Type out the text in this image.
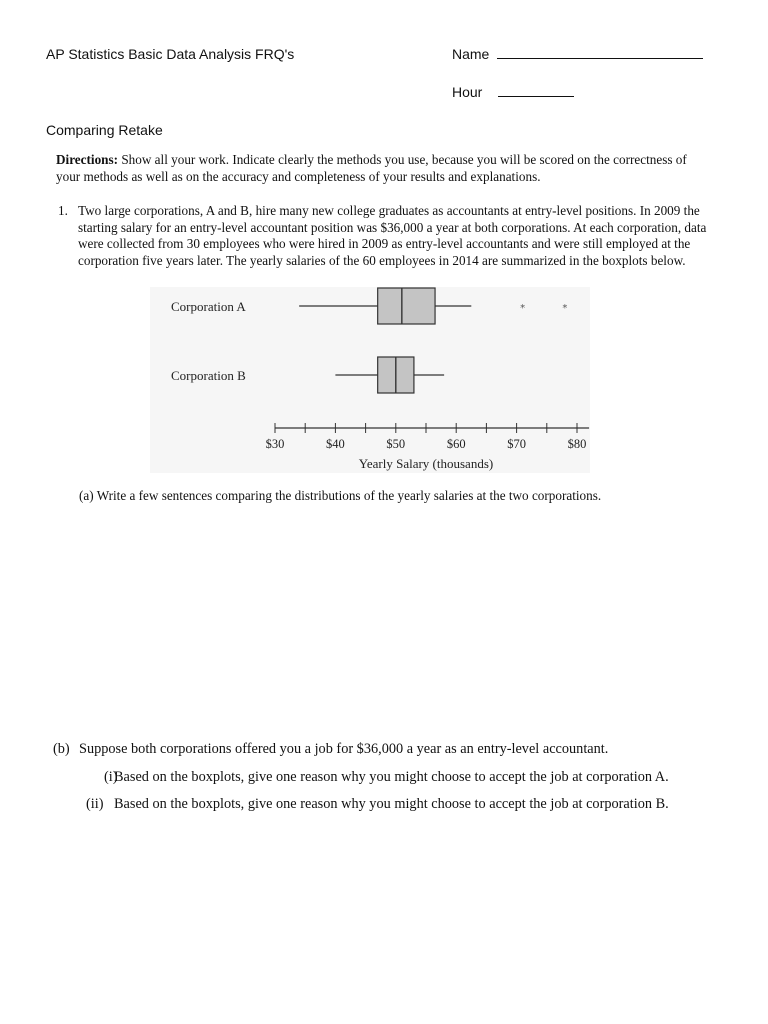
AP Statistics Basic Data Analysis FRQ's	Name
Hour
Comparing Retake
Directions: Show all your work. Indicate clearly the methods you use, because you will be scored on the correctness of your methods as well as on the accuracy and completeness of your results and explanations.
1. Two large corporations, A and B, hire many new college graduates as accountants at entry-level positions. In 2009 the starting salary for an entry-level accountant position was $36,000 a year at both corporations. At each corporation, data were collected from 30 employees who were hired in 2009 as entry-level accountants and were still employed at the corporation five years later. The yearly salaries of the 60 employees in 2014 are summarized in the boxplots below.
Corporation A	*	*
Corporation B
$30	$40	$50	$60	$70	$80
Yearly Salary (thousands)
(a) Write a few sentences comparing the distributions of the yearly salaries at the two corporations.
(b) Suppose both corporations offered you a job for $36,000 a year as an entry-level accountant.
(i)
Based on the boxplots, give one reason why you might choose to accept the job at corporation A.
(ii) Based on the boxplots, give one reason why you might choose to accept the job at corporation B.
